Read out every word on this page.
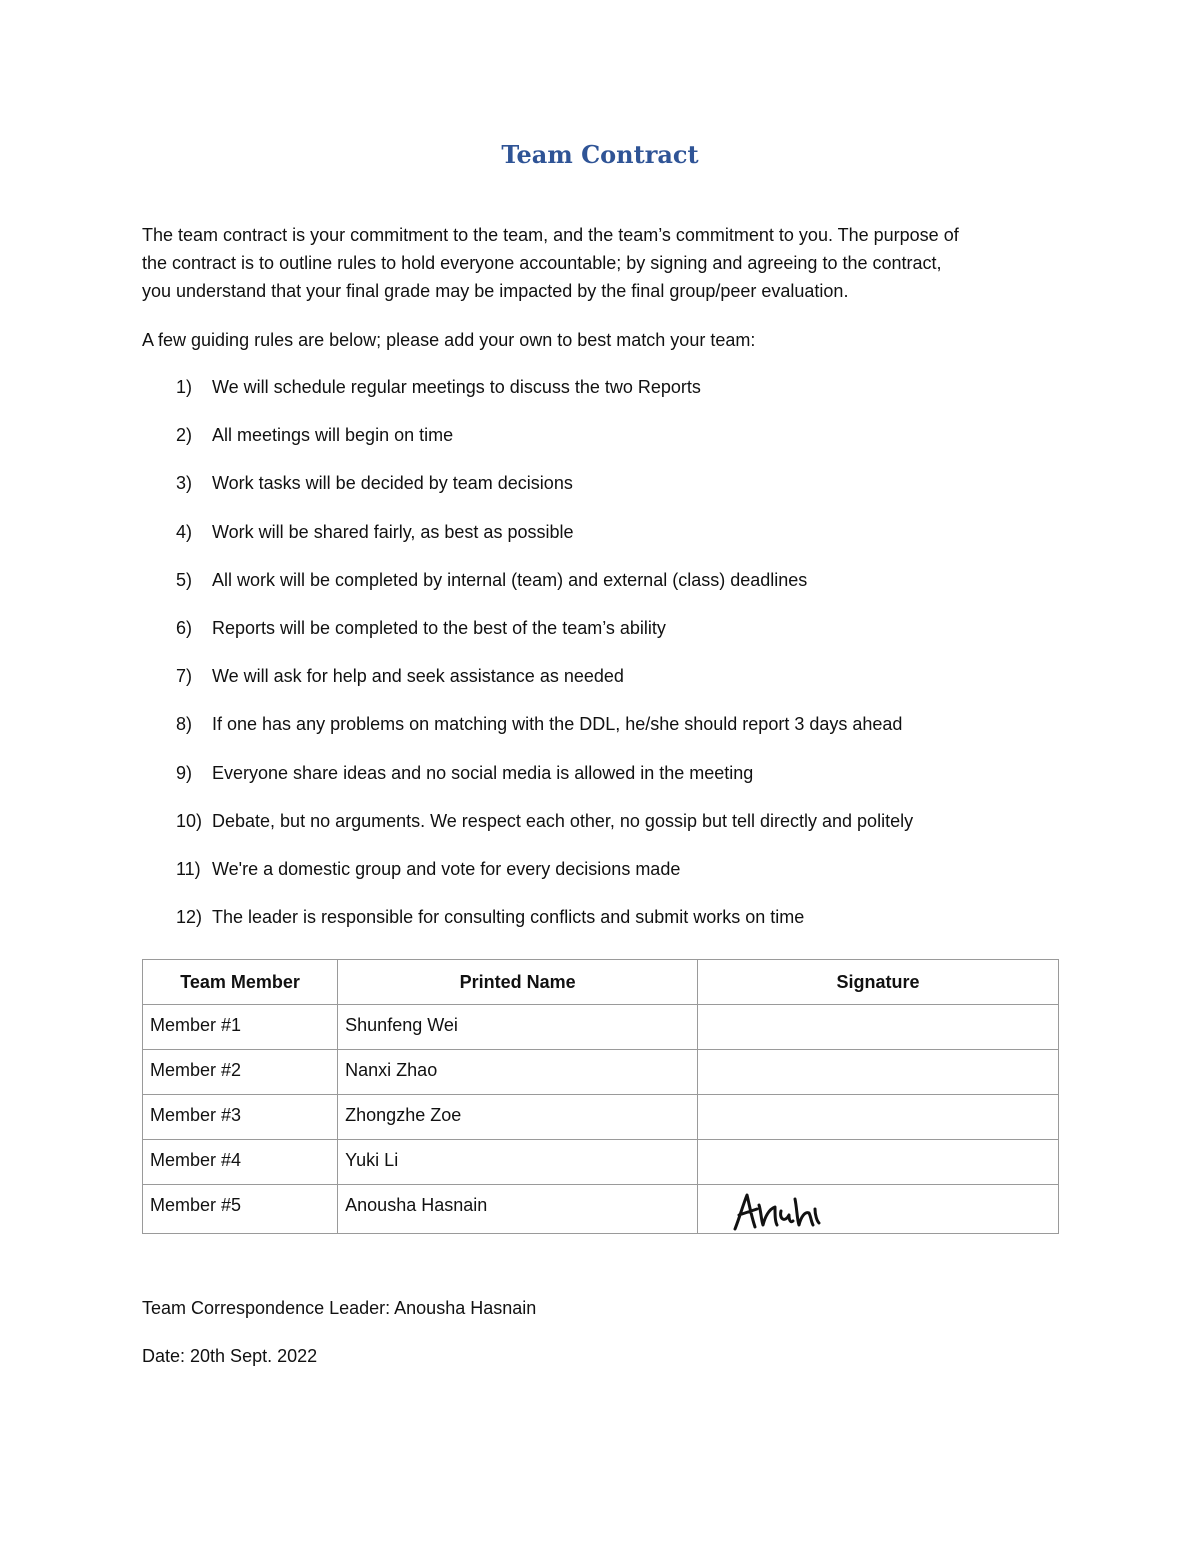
Team Contract

The team contract is your commitment to the team, and the team’s commitment to you. The purpose of
the contract is to outline rules to hold everyone accountable; by signing and agreeing to the contract,
you understand that your final grade may be impacted by the final group/peer evaluation.

A few guiding rules are below; please add your own to best match your team:

1) We will schedule regular meetings to discuss the two Reports
2) All meetings will begin on time
3) Work tasks will be decided by team decisions
4) Work will be shared fairly, as best as possible
5) All work will be completed by internal (team) and external (class) deadlines
6) Reports will be completed to the best of the team’s ability
7) We will ask for help and seek assistance as needed
8) If one has any problems on matching with the DDL, he/she should report 3 days ahead
9) Everyone share ideas and no social media is allowed in the meeting
10) Debate, but no arguments. We respect each other, no gossip but tell directly and politely
11) We're a domestic group and vote for every decisions made
12) The leader is responsible for consulting conflicts and submit works on time
Team Member	Printed Name	Signature
Member #1	Shunfeng Wei	
Member #2	Nanxi Zhao	
Member #3	Zhongzhe Zoe	
Member #4	Yuki Li	
Member #5	Anousha Hasnain	

Team Correspondence Leader: Anousha Hasnain

Date: 20th Sept. 2022
